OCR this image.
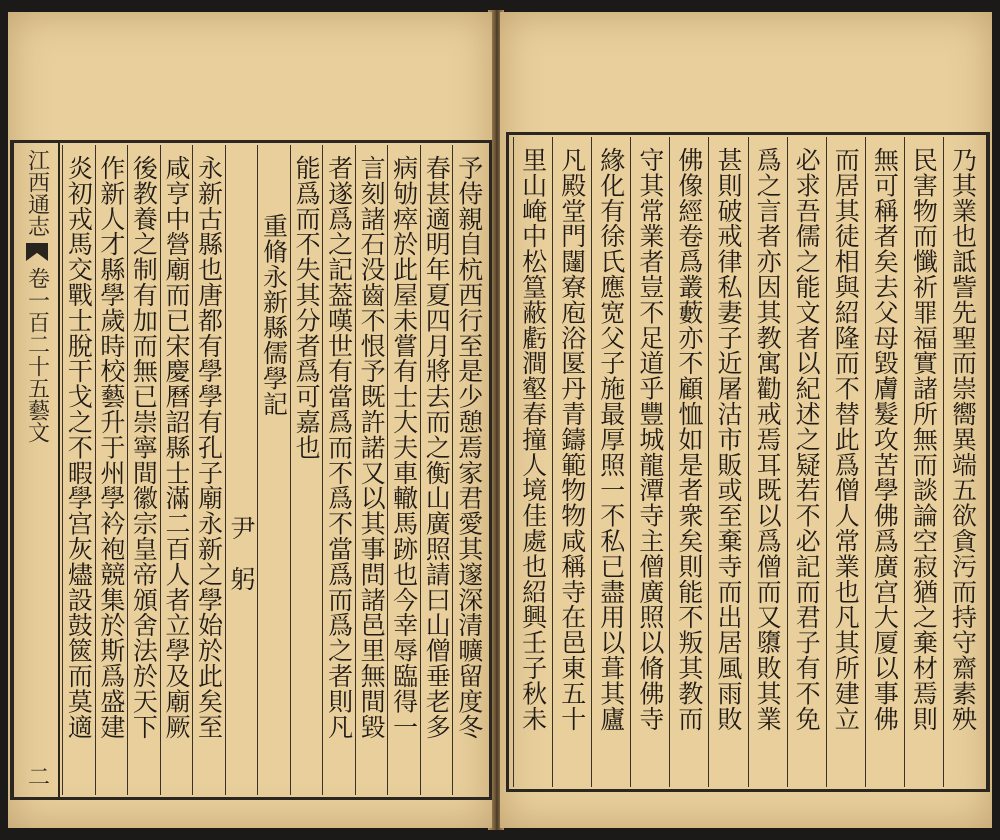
江西通志
卷一百二十五
藝文
二
予侍親自杭西行至是少憩焉家君愛其邃深清曠留度冬
春甚適明年夏四月將去而之衡山廣照請曰山僧垂老多
病劬瘁於此屋未嘗有士大夫車轍馬跡也今幸辱臨得一
言刻諸石没齒不恨予既許諾又以其事問諸邑里無間毀
者遂爲之記葢嘆世有當爲而不爲不當爲而爲之者則凡
能爲而不失其分者爲可嘉也
重脩永新縣儒學記
尹　躬
永新古縣也唐都有學學有孔子廟永新之學始於此矣至
咸亨中營廟而已宋慶曆詔縣士滿二百人者立學及廟厥
後教養之制有加而無已崇寧間徽宗皇帝頒舍法於天下
作新人才縣學歲時校藝升于州學衿袍競集於斯爲盛建
炎初戎馬交戰士脫干戈之不暇學宫灰燼設鼓篋而莫適	乃其業也詆訾先聖而崇嚮異端五欲貪污而持守齋素殃
民害物而懺祈罪福實諸所無而談論空寂猶之棄材焉則
無可稱者矣去父母毀膚髮攻苦學佛爲廣宫大厦以事佛
而居其徒相與紹隆而不替此爲僧人常業也凡其所建立
必求吾儒之能文者以紀述之疑若不必記而君子有不免
爲之言者亦因其教寓勸戒焉耳既以爲僧而又隳敗其業
甚則破戒律私妻子近屠沽市販或至棄寺而出居風雨敗
佛像經卷爲叢藪亦不顧恤如是者衆矣則能不叛其教而
守其常業者豈不足道乎豐城龍潭寺主僧廣照以脩佛寺
緣化有徐氏應宽父子施最厚照一不私已盡用以葺其廬
凡殿堂門闥寮庖浴匽丹青鑄範物物咸稱寺在邑東五十
里山崦中松篁蔽虧澗壑春撞人境佳處也紹興壬子秋未
